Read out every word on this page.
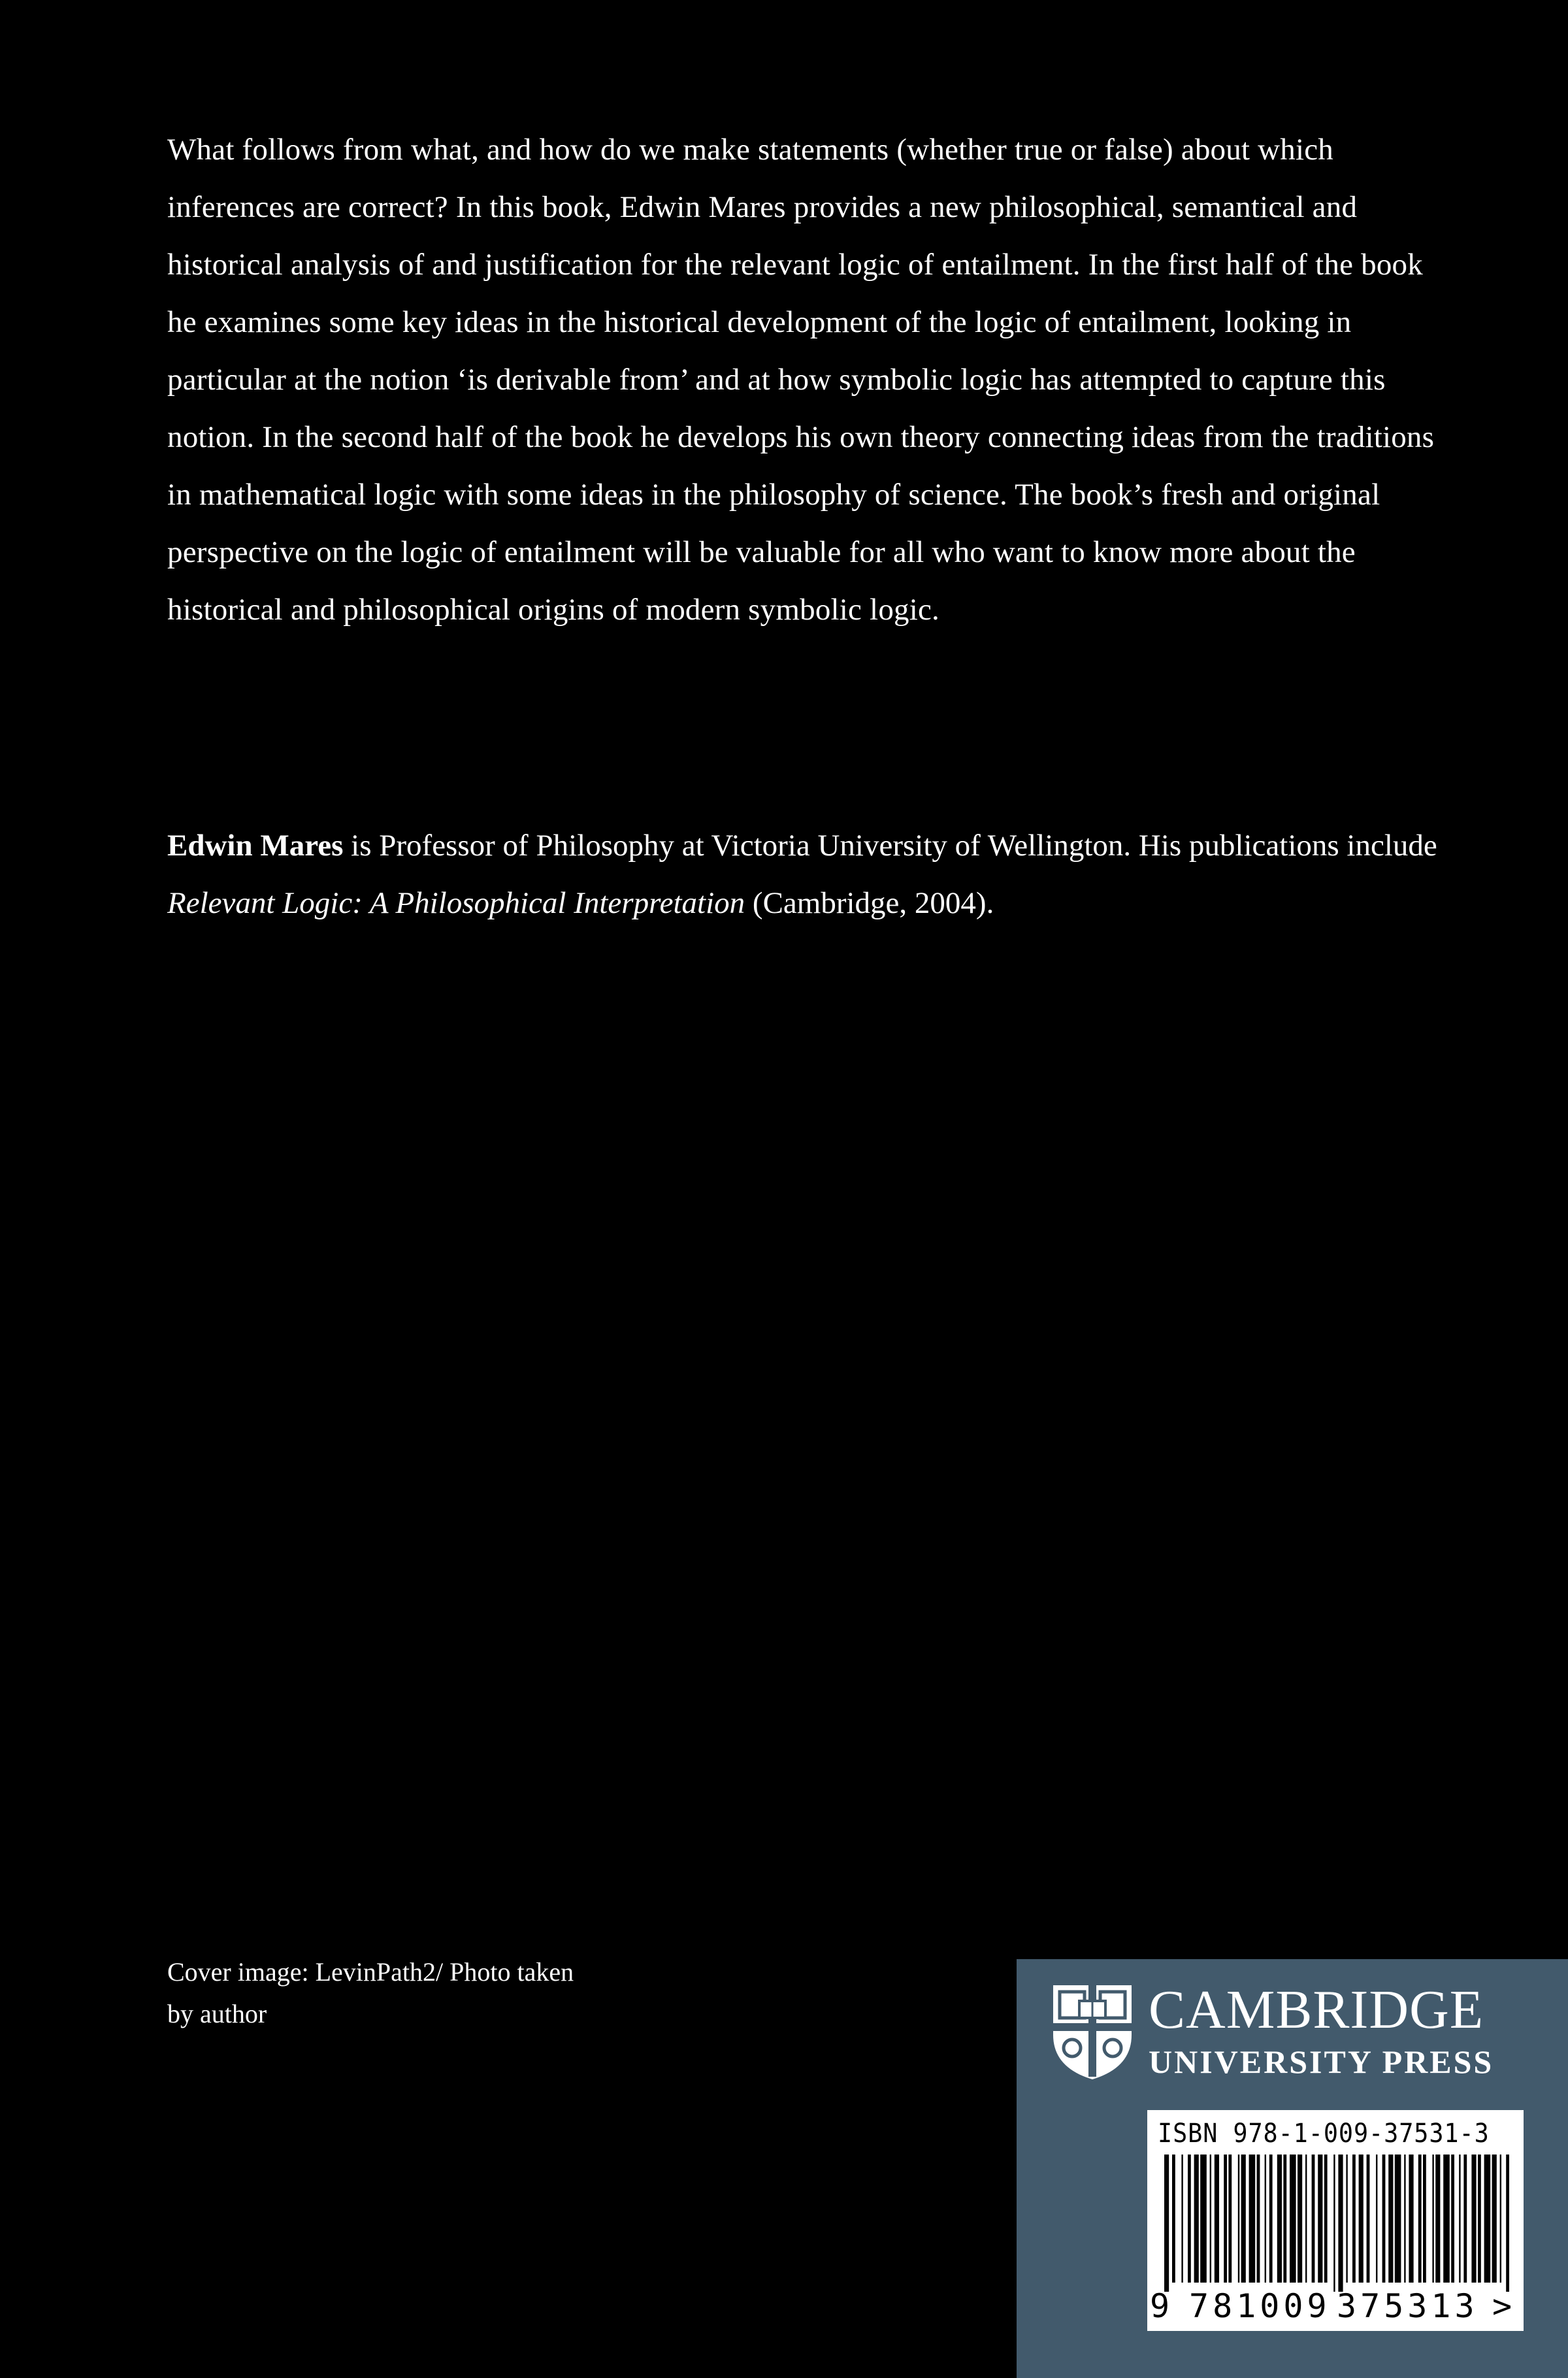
What follows from what, and how do we make statements (whether true or false) about which inferences are correct? In this book, Edwin Mares provides a new philosophical, semantical and historical analysis of and justification for the relevant logic of entailment. In the first half of the book he examines some key ideas in the historical development of the logic of entailment, looking in particular at the notion ‘is derivable from’ and at how symbolic logic has attempted to capture this notion. In the second half of the book he develops his own theory connecting ideas from the traditions in mathematical logic with some ideas in the philosophy of science. The book’s fresh and original perspective on the logic of entailment will be valuable for all who want to know more about the historical and philosophical origins of modern symbolic logic.

Edwin Mares is Professor of Philosophy at Victoria University of Wellington. His publications include Relevant Logic: A Philosophical Interpretation (Cambridge, 2004).

Cover image: LevinPath2/ Photo taken
by author	CAMBRIDGE
UNIVERSITY PRESS
ISBN 978-1-009-37531-3
9 781009 375313 >
